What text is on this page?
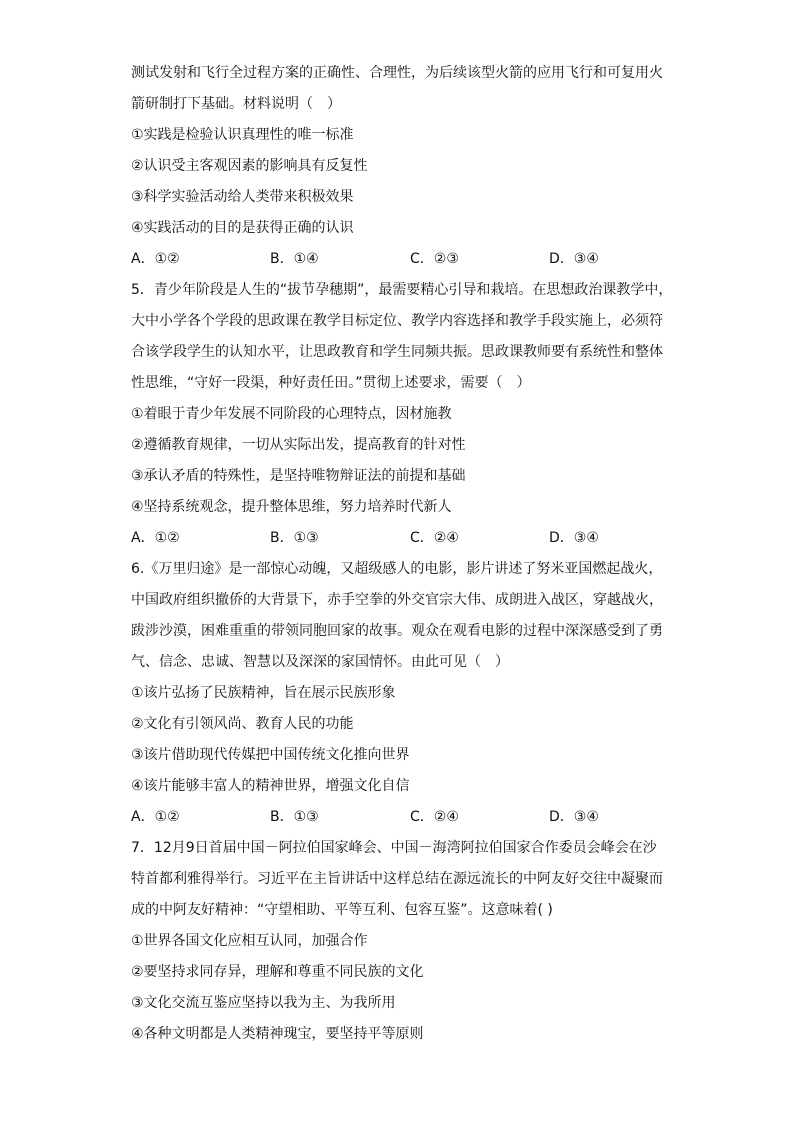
测试发射和飞行全过程方案的正确性、合理性，为后续该型火箭的应用飞行和可复用火
箭研制打下基础。材料说明（　）
①实践是检验认识真理性的唯一标准
②认识受主客观因素的影响具有反复性
③科学实验活动给人类带来积极效果
④实践活动的目的是获得正确的认识
A．①②	B．①④	C．②③	D．③④
5．青少年阶段是人生的“拔节孕穗期”，最需要精心引导和栽培。在思想政治课教学中，
大中小学各个学段的思政课在教学目标定位、教学内容选择和教学手段实施上，必须符
合该学段学生的认知水平，让思政教育和学生同频共振。思政课教师要有系统性和整体
性思维，“守好一段渠，种好责任田。”贯彻上述要求，需要（　）
①着眼于青少年发展不同阶段的心理特点，因材施教
②遵循教育规律，一切从实际出发，提高教育的针对性
③承认矛盾的特殊性，是坚持唯物辩证法的前提和基础
④坚持系统观念，提升整体思维，努力培养时代新人
A．①②	B．①③	C．②④	D．③④
6.《万里归途》是一部惊心动魄，又超级感人的电影，影片讲述了努米亚国燃起战火，
中国政府组织撤侨的大背景下，赤手空拳的外交官宗大伟、成朗进入战区，穿越战火，
跋涉沙漠，困难重重的带领同胞回家的故事。观众在观看电影的过程中深深感受到了勇
气、信念、忠诚、智慧以及深深的家国情怀。由此可见（　）
①该片弘扬了民族精神，旨在展示民族形象
②文化有引领风尚、教育人民的功能
③该片借助现代传媒把中国传统文化推向世界
④该片能够丰富人的精神世界，增强文化自信
A．①②	B．①③	C．②④	D．③④
7．12月9日首届中国－阿拉伯国家峰会、中国－海湾阿拉伯国家合作委员会峰会在沙
特首都利雅得举行。习近平在主旨讲话中这样总结在源远流长的中阿友好交往中凝聚而
成的中阿友好精神：“守望相助、平等互利、包容互鉴”。这意味着( )
①世界各国文化应相互认同，加强合作
②要坚持求同存异，理解和尊重不同民族的文化
③文化交流互鉴应坚持以我为主、为我所用
④各种文明都是人类精神瑰宝，要坚持平等原则
